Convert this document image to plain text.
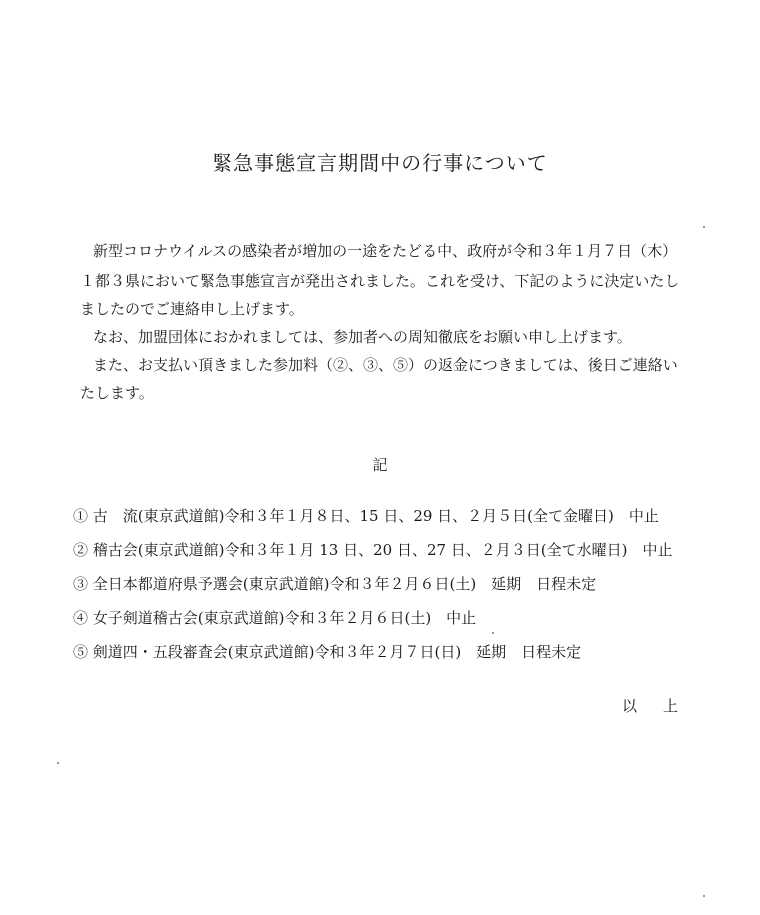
緊急事態宣言期間中の行事について
　新型コロナウイルスの感染者が増加の一途をたどる中、政府が令和３年１月７日（木）
１都３県において緊急事態宣言が発出されました。これを受け、下記のように決定いたし
ましたのでご連絡申し上げます。
　なお、加盟団体におかれましては、参加者への周知徹底をお願い申し上げます。
　また、お支払い頂きました参加料（②、③、⑤）の返金につきましては、後日ご連絡い
たします。
記
① 古　流(東京武道館)令和３年１月８日、15 日、29 日、２月５日(全て金曜日)　中止
② 稽古会(東京武道館)令和３年１月 13 日、20 日、27 日、２月３日(全て水曜日)　中止
③ 全日本都道府県予選会(東京武道館)令和３年２月６日(土)　延期　日程未定
④ 女子剣道稽古会(東京武道館)令和３年２月６日(土)　中止
⑤ 剣道四・五段審査会(東京武道館)令和３年２月７日(日)　延期　日程未定
以上
